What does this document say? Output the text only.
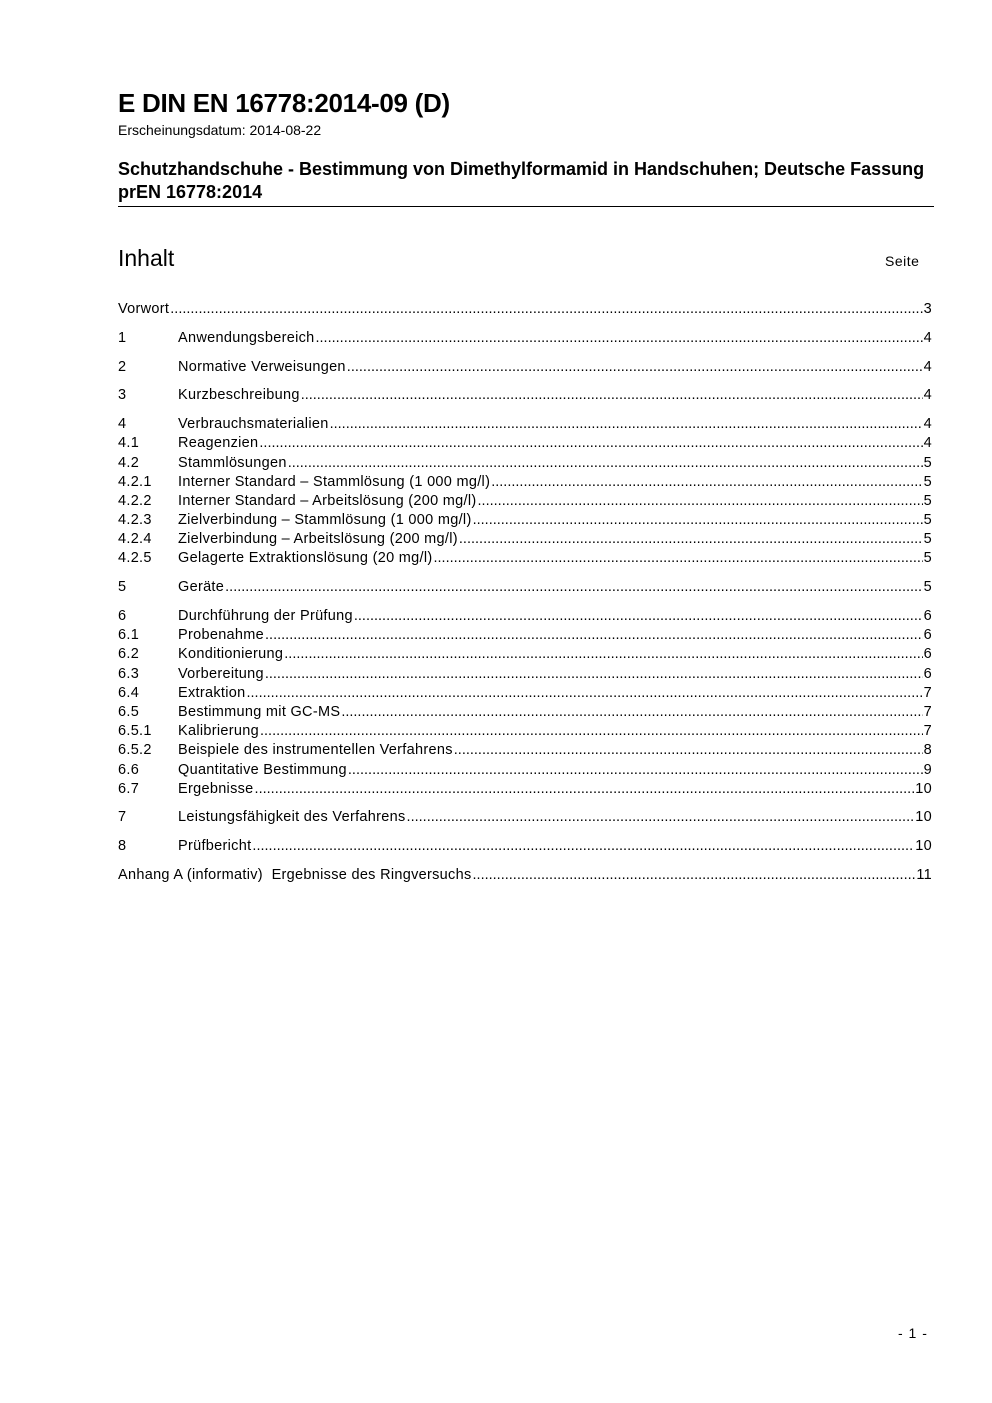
E DIN EN 16778:2014-09 (D)
Erscheinungsdatum: 2014-08-22
Schutzhandschuhe - Bestimmung von Dimethylformamid in Handschuhen; Deutsche Fassung prEN 16778:2014
Inhalt	Seite
Vorwort .....	3
1	Anwendungsbereich .....	4
2	Normative Verweisungen .....	4
3	Kurzbeschreibung .....	4
4	Verbrauchsmaterialien .....	4
4.1	Reagenzien .....	4
4.2	Stammlösungen .....	5
4.2.1	Interner Standard – Stammlösung (1 000 mg/l) .....	5
4.2.2	Interner Standard – Arbeitslösung (200 mg/l) .....	5
4.2.3	Zielverbindung – Stammlösung (1 000 mg/l) .....	5
4.2.4	Zielverbindung – Arbeitslösung (200 mg/l) .....	5
4.2.5	Gelagerte Extraktionslösung (20 mg/l) .....	5
5	Geräte .....	5
6	Durchführung der Prüfung .....	6
6.1	Probenahme .....	6
6.2	Konditionierung .....	6
6.3	Vorbereitung .....	6
6.4	Extraktion .....	7
6.5	Bestimmung mit GC-MS .....	7
6.5.1	Kalibrierung .....	7
6.5.2	Beispiele des instrumentellen Verfahrens .....	8
6.6	Quantitative Bestimmung .....	9
6.7	Ergebnisse .....	10
7	Leistungsfähigkeit des Verfahrens .....	10
8	Prüfbericht .....	10
Anhang A (informativ)  Ergebnisse des Ringversuchs .....	11
- 1 -
